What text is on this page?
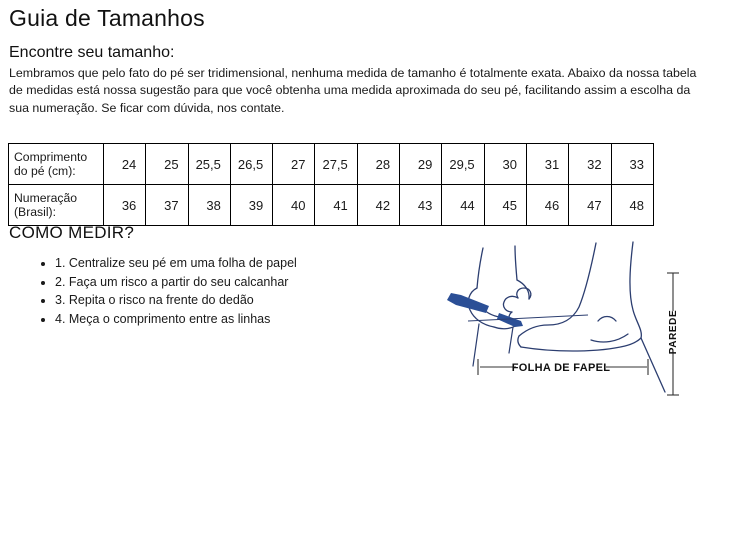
Guia de Tamanhos
Encontre seu tamanho:
Lembramos que pelo fato do pé ser tridimensional, nenhuma medida de tamanho é totalmente exata. Abaixo da nossa tabela de medidas está nossa sugestão para que você obtenha uma medida aproximada do seu pé, facilitando assim a escolha da sua numeração. Se ficar com dúvida, nos contate.
Comprimento do pé (cm):	24	25	25,5	26,5	27	27,5	28	29	29,5	30	31	32	33
Numeração (Brasil):	36	37	38	39	40	41	42	43	44	45	46	47	48
COMO MEDIR?
• 1. Centralize seu pé em uma folha de papel
• 2. Faça um risco a partir do seu calcanhar
• 3. Repita o risco na frente do dedão
• 4. Meça o comprimento entre as linhas
FOLHA DE FAPEL
PAREDE
